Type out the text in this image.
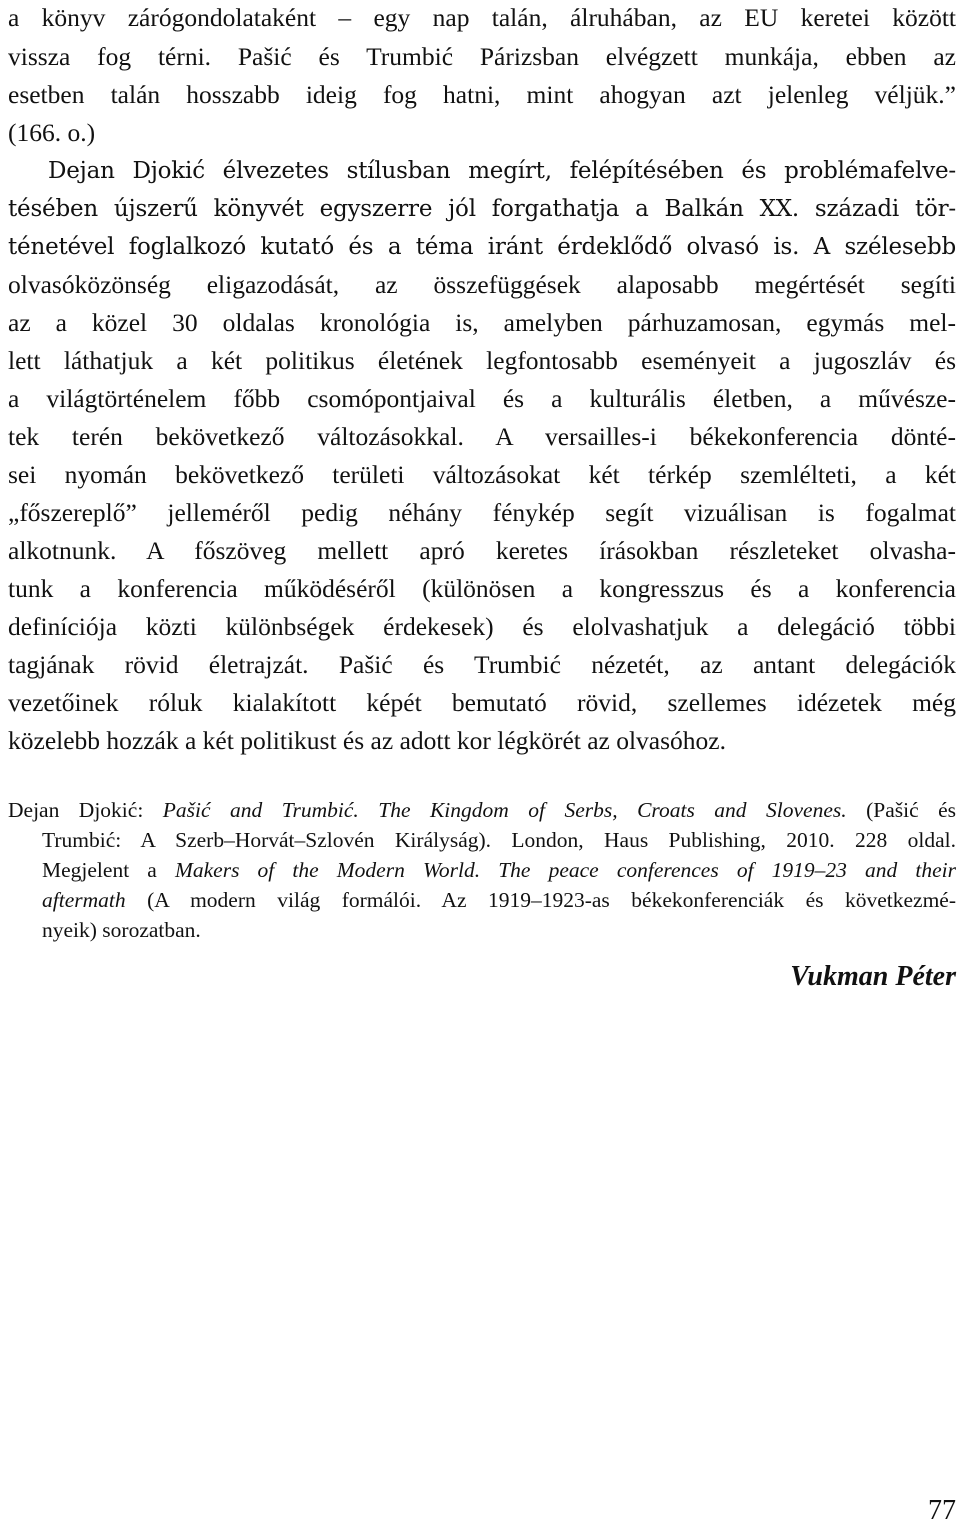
a könyv zárógondolataként – egy nap talán, álruhában, az EU keretei között
vissza fog térni. Pašić és Trumbić Párizsban elvégzett munkája, ebben az
esetben talán hosszabb ideig fog hatni, mint ahogyan azt jelenleg véljük.”
(166. o.)
Dejan Djokić élvezetes stílusban megírt, felépítésében és problémafelve-
tésében újszerű könyvét egyszerre jól forgathatja a Balkán XX. századi tör-
ténetével foglalkozó kutató és a téma iránt érdeklődő olvasó is. A szélesebb
olvasóközönség eligazodását, az összefüggések alaposabb megértését segíti
az a közel 30 oldalas kronológia is, amelyben párhuzamosan, egymás mel-
lett láthatjuk a két politikus életének legfontosabb eseményeit a jugoszláv és
a világtörténelem főbb csomópontjaival és a kulturális életben, a művésze-
tek terén bekövetkező változásokkal. A versailles-i békekonferencia dönté-
sei nyomán bekövetkező területi változásokat két térkép szemlélteti, a két
„főszereplő” jelleméről pedig néhány fénykép segít vizuálisan is fogalmat
alkotnunk. A főszöveg mellett apró keretes írásokban részleteket olvasha-
tunk a konferencia működéséről (különösen a kongresszus és a konferencia
definíciója közti különbségek érdekesek) és elolvashatjuk a delegáció többi
tagjának rövid életrajzát. Pašić és Trumbić nézetét, az antant delegációk
vezetőinek róluk kialakított képét bemutató rövid, szellemes idézetek még
közelebb hozzák a két politikust és az adott kor légkörét az olvasóhoz.
Dejan Djokić: Pašić and Trumbić. The Kingdom of Serbs, Croats and Slovenes. (Pašić és
Trumbić: A Szerb–Horvát–Szlovén Királyság). London, Haus Publishing, 2010. 228 oldal.
Megjelent a Makers of the Modern World. The peace conferences of 1919–23 and their
aftermath (A modern világ formálói. Az 1919–1923-as békekonferenciák és következmé-
nyeik) sorozatban.
Vukman Péter
77
